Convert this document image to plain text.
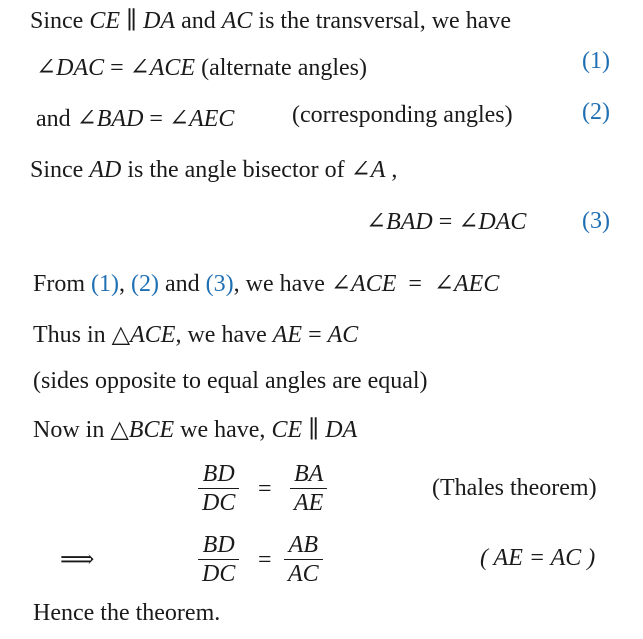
Since CE ∥ DA and AC is the transversal, we have
∠DAC = ∠ACE (alternate angles)	(1)
and ∠BAD = ∠AEC (corresponding angles)	(2)
Since AD is the angle bisector of ∠A ,
∠BAD = ∠DAC (3)
From (1), (2) and (3), we have ∠ACE = ∠AEC
Thus in △ACE, we have AE = AC
(sides opposite to equal angles are equal)
Now in △BCE we have, CE ∥ DA
BD
DC
=
BA
AE
(Thales theorem)
⟹
BD
DC
=
AB
AC
( AE = AC )
Hence the theorem.
